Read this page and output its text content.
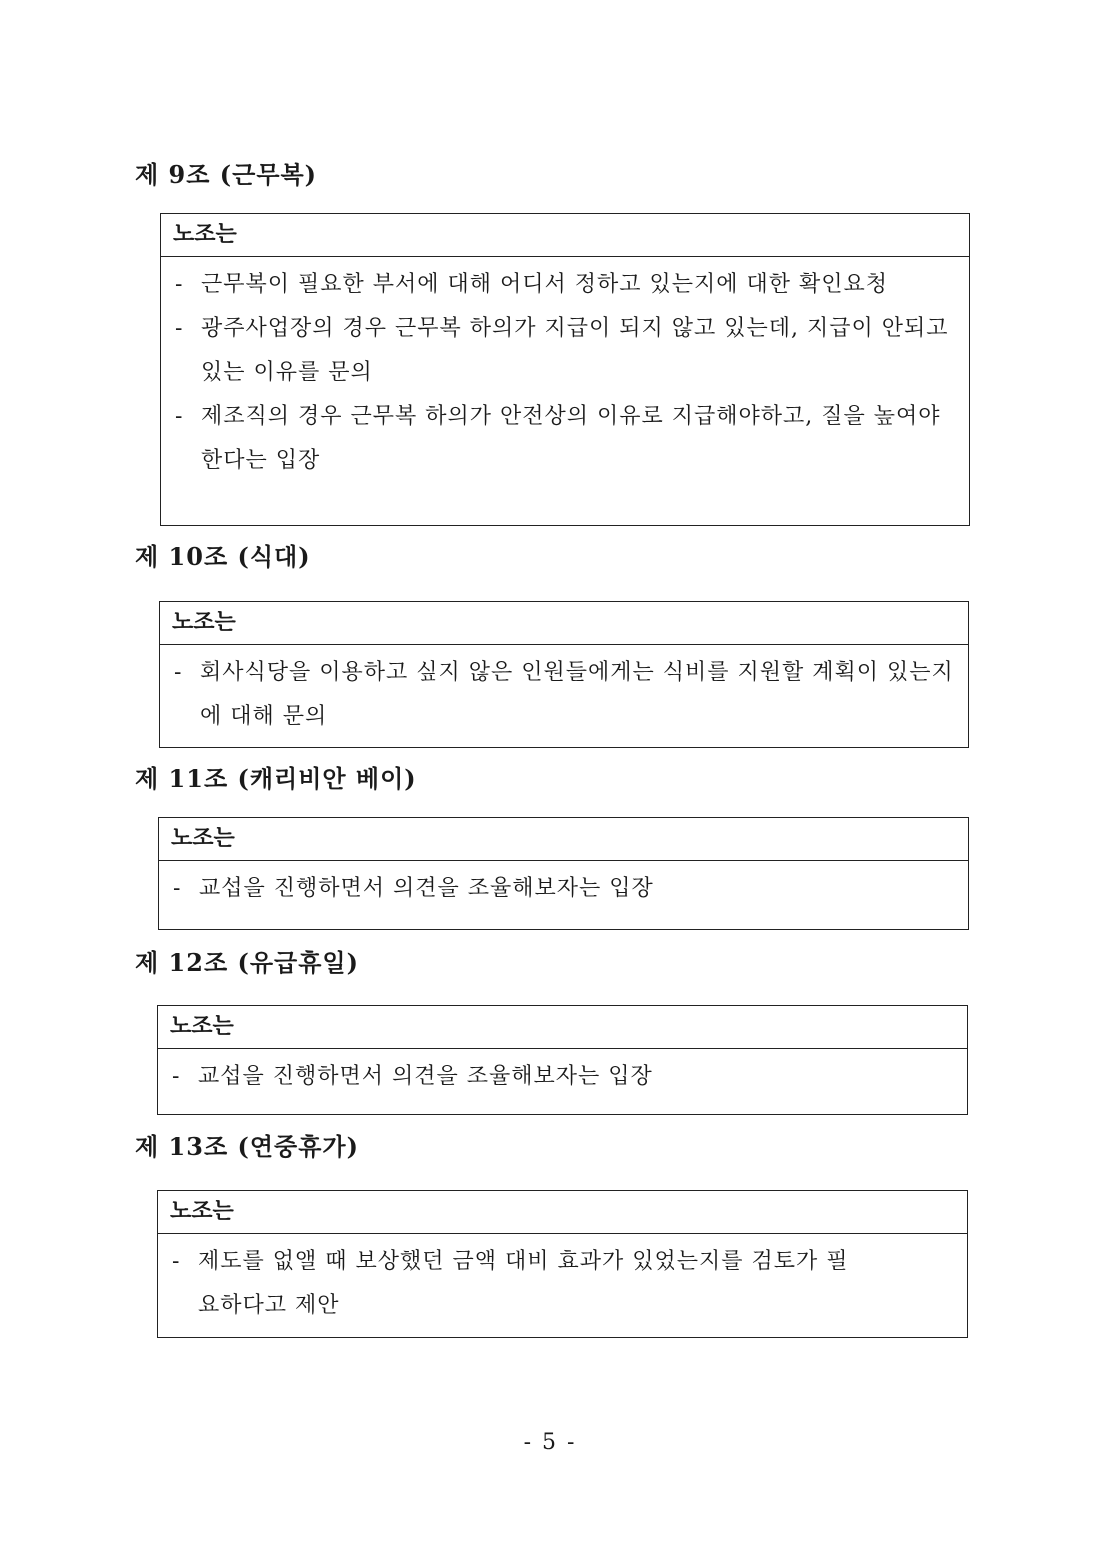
제 9조 (근무복)
노조는
- 근무복이 필요한 부서에 대해 어디서 정하고 있는지에 대한 확인요청
- 광주사업장의 경우 근무복 하의가 지급이 되지 않고 있는데, 지급이 안되고 있는 이유를 문의
- 제조직의 경우 근무복 하의가 안전상의 이유로 지급해야하고, 질을 높여야 한다는 입장
제 10조 (식대)
노조는
- 회사식당을 이용하고 싶지 않은 인원들에게는 식비를 지원할 계획이 있는지에 대해 문의
제 11조 (캐리비안 베이)
노조는
- 교섭을 진행하면서 의견을 조율해보자는 입장
제 12조 (유급휴일)
노조는
- 교섭을 진행하면서 의견을 조율해보자는 입장
제 13조 (연중휴가)
노조는
- 제도를 없앨 때 보상했던 금액 대비 효과가 있었는지를 검토가 필요하다고 제안
- 5 -
